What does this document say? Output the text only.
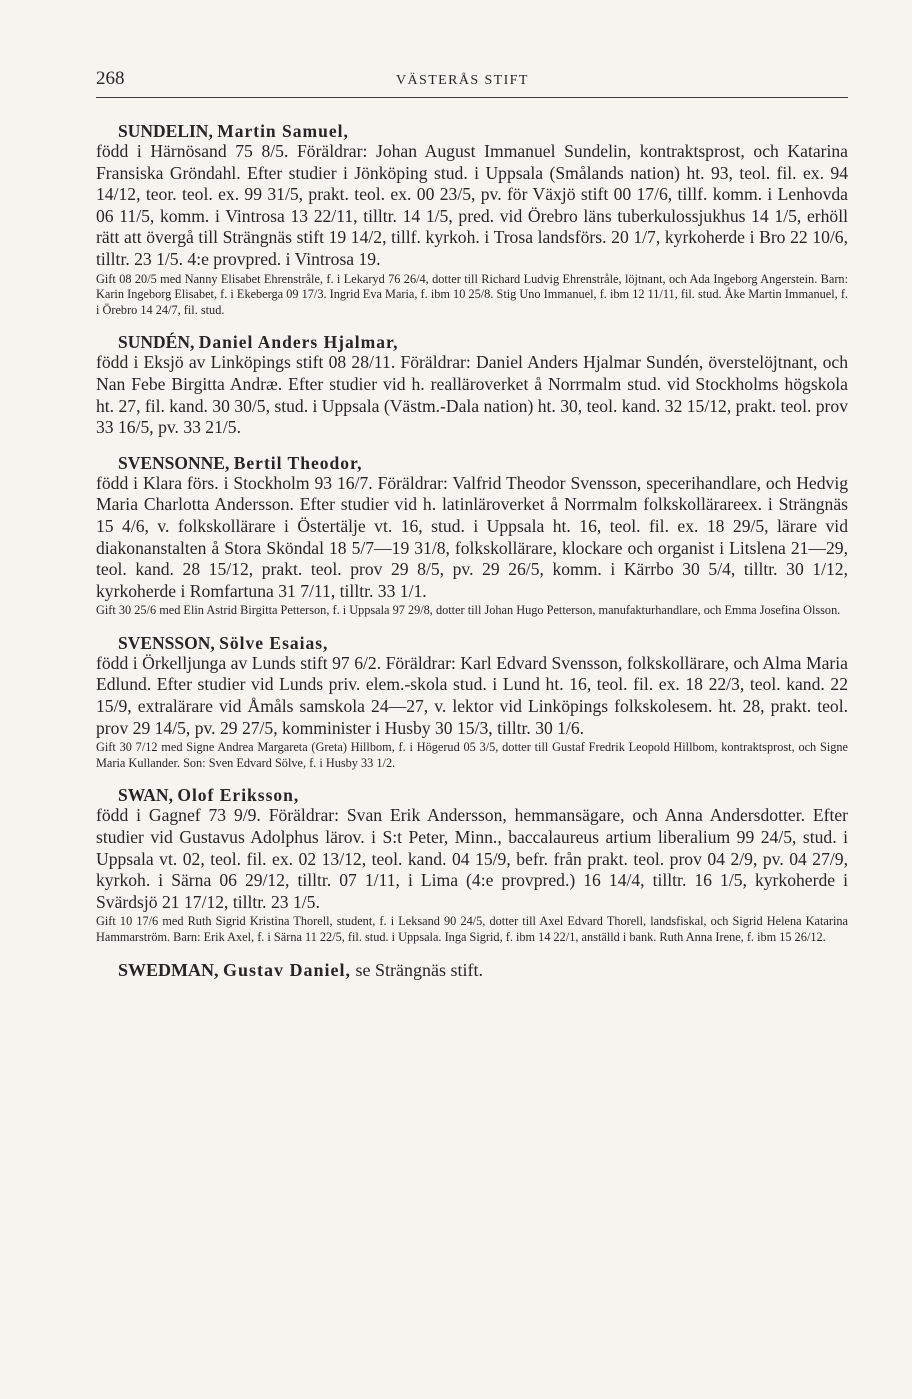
268	VÄSTERÅS STIFT
SUNDELIN, Martin Samuel,
född i Härnösand 75 8/5. Föräldrar: Johan August Immanuel Sundelin, kontraktsprost, och Katarina Fransiska Gröndahl. Efter studier i Jönköping stud. i Uppsala (Smålands nation) ht. 93, teol. fil. ex. 94 14/12, teor. teol. ex. 99 31/5, prakt. teol. ex. 00 23/5, pv. för Växjö stift 00 17/6, tillf. komm. i Lenhovda 06 11/5, komm. i Vintrosa 13 22/11, tilltr. 14 1/5, pred. vid Örebro läns tuberkulossjukhus 14 1/5, erhöll rätt att övergå till Strängnäs stift 19 14/2, tillf. kyrkoh. i Trosa landsförs. 20 1/7, kyrkoherde i Bro 22 10/6, tilltr. 23 1/5. 4:e provpred. i Vintrosa 19.
Gift 08 20/5 med Nanny Elisabet Ehrenstråle, f. i Lekaryd 76 26/4, dotter till Richard Ludvig Ehrenstråle, löjtnant, och Ada Ingeborg Angerstein. Barn: Karin Ingeborg Elisabet, f. i Ekeberga 09 17/3. Ingrid Eva Maria, f. ibm 10 25/8. Stig Uno Immanuel, f. ibm 12 11/11, fil. stud. Åke Martin Immanuel, f. i Örebro 14 24/7, fil. stud.
SUNDÉN, Daniel Anders Hjalmar,
född i Eksjö av Linköpings stift 08 28/11. Föräldrar: Daniel Anders Hjalmar Sundén, överstelöjtnant, och Nan Febe Birgitta Andræ. Efter studier vid h. realläroverket å Norrmalm stud. vid Stockholms högskola ht. 27, fil. kand. 30 30/5, stud. i Uppsala (Västm.-Dala nation) ht. 30, teol. kand. 32 15/12, prakt. teol. prov 33 16/5, pv. 33 21/5.
SVENSONNE, Bertil Theodor,
född i Klara förs. i Stockholm 93 16/7. Föräldrar: Valfrid Theodor Svensson, specerihandlare, och Hedvig Maria Charlotta Andersson. Efter studier vid h. latinläroverket å Norrmalm folkskollärareex. i Strängnäs 15 4/6, v. folkskollärare i Östertälje vt. 16, stud. i Uppsala ht. 16, teol. fil. ex. 18 29/5, lärare vid diakonanstalten å Stora Sköndal 18 5/7—19 31/8, folkskollärare, klockare och organist i Litslena 21—29, teol. kand. 28 15/12, prakt. teol. prov 29 8/5, pv. 29 26/5, komm. i Kärrbo 30 5/4, tilltr. 30 1/12, kyrkoherde i Romfartuna 31 7/11, tilltr. 33 1/1.
Gift 30 25/6 med Elin Astrid Birgitta Petterson, f. i Uppsala 97 29/8, dotter till Johan Hugo Petterson, manufakturhandlare, och Emma Josefina Olsson.
SVENSSON, Sölve Esaias,
född i Örkelljunga av Lunds stift 97 6/2. Föräldrar: Karl Edvard Svensson, folkskollärare, och Alma Maria Edlund. Efter studier vid Lunds priv. elem.-skola stud. i Lund ht. 16, teol. fil. ex. 18 22/3, teol. kand. 22 15/9, extralärare vid Åmåls samskola 24—27, v. lektor vid Linköpings folkskolesem. ht. 28, prakt. teol. prov 29 14/5, pv. 29 27/5, komminister i Husby 30 15/3, tilltr. 30 1/6.
Gift 30 7/12 med Signe Andrea Margareta (Greta) Hillbom, f. i Högerud 05 3/5, dotter till Gustaf Fredrik Leopold Hillbom, kontraktsprost, och Signe Maria Kullander. Son: Sven Edvard Sölve, f. i Husby 33 1/2.
SWAN, Olof Eriksson,
född i Gagnef 73 9/9. Föräldrar: Svan Erik Andersson, hemmansägare, och Anna Andersdotter. Efter studier vid Gustavus Adolphus lärov. i S:t Peter, Minn., baccalaureus artium liberalium 99 24/5, stud. i Uppsala vt. 02, teol. fil. ex. 02 13/12, teol. kand. 04 15/9, befr. från prakt. teol. prov 04 2/9, pv. 04 27/9, kyrkoh. i Särna 06 29/12, tilltr. 07 1/11, i Lima (4:e provpred.) 16 14/4, tilltr. 16 1/5, kyrkoherde i Svärdsjö 21 17/12, tilltr. 23 1/5.
Gift 10 17/6 med Ruth Sigrid Kristina Thorell, student, f. i Leksand 90 24/5, dotter till Axel Edvard Thorell, landsfiskal, och Sigrid Helena Katarina Hammarström. Barn: Erik Axel, f. i Särna 11 22/5, fil. stud. i Uppsala. Inga Sigrid, f. ibm 14 22/1, anställd i bank. Ruth Anna Irene, f. ibm 15 26/12.
SWEDMAN, Gustav Daniel, se Strängnäs stift.
